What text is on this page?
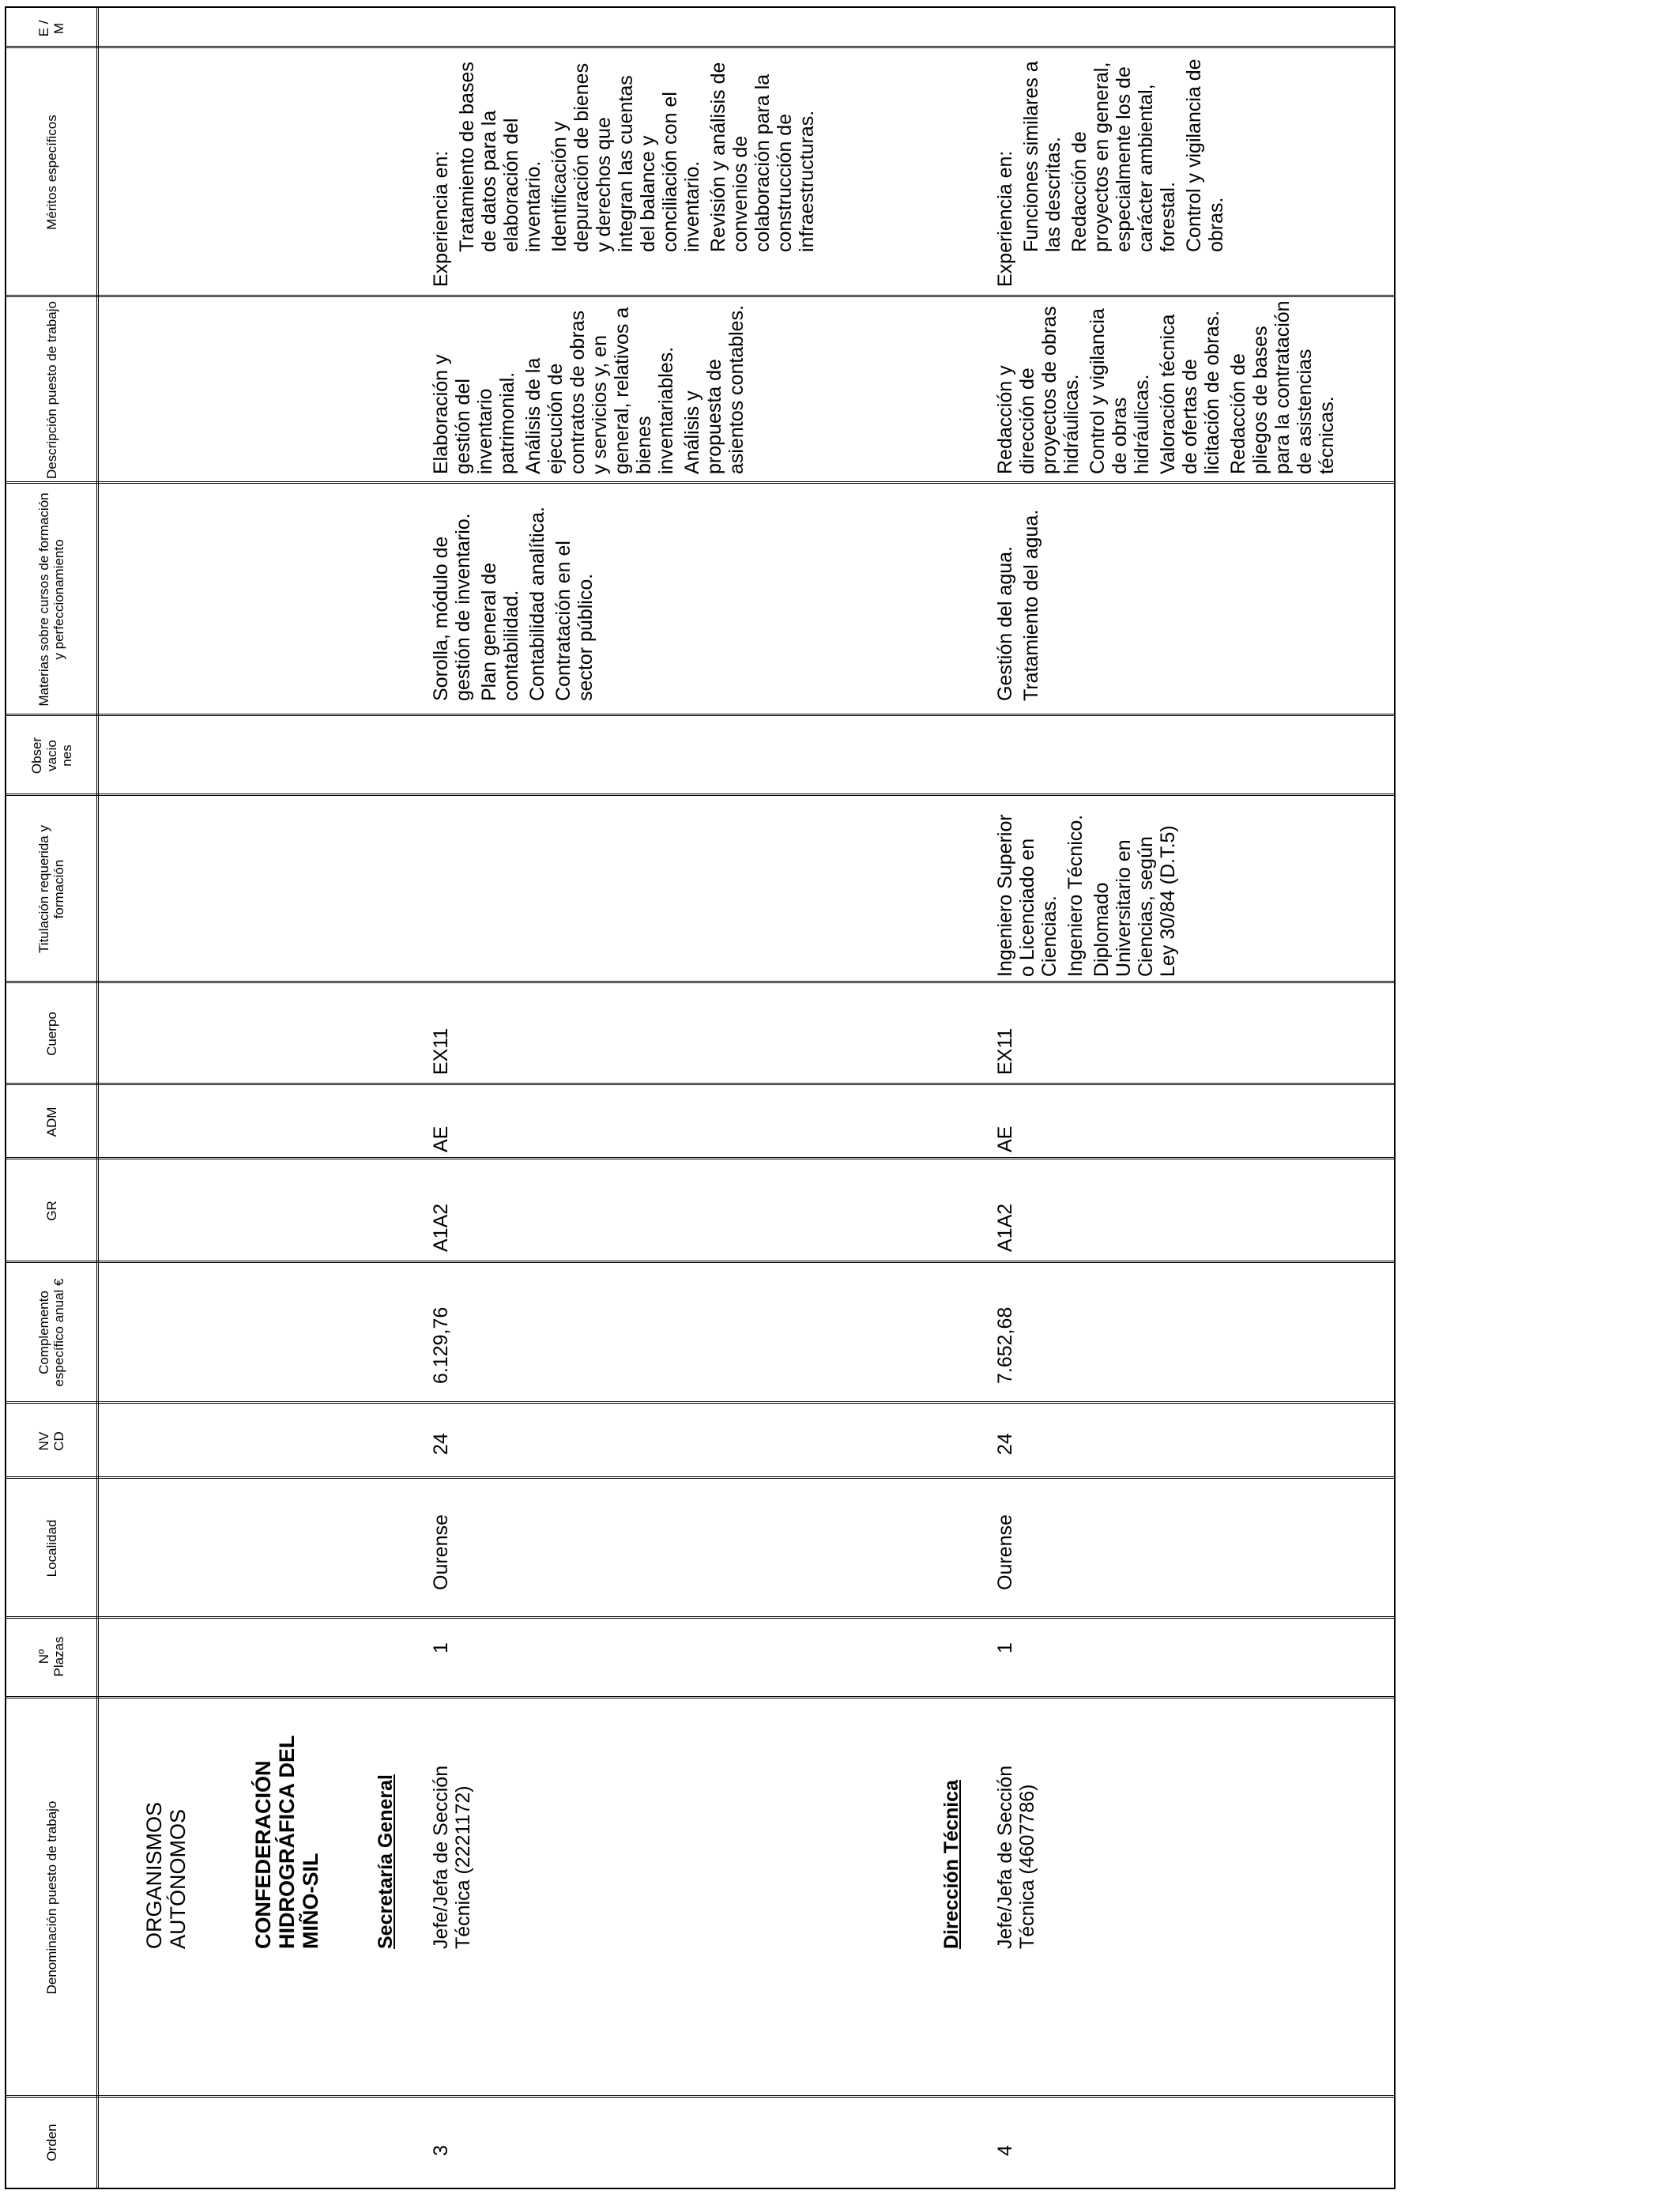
Orden
Denominación puesto de trabajo
Nº Plazas
Localidad
NV CD
Complemento específico anual €
GR
ADM
Cuerpo
Titulación requerida y formación
Obser vacio nes
Materias sobre cursos de formación y perfeccionamiento
Descripción puesto de trabajo
Méritos específicos
E / M
ORGANISMOS AUTÓNOMOS	CONFEDERACIÓN HIDROGRÁFICA DEL MIÑO-SIL	Secretaría General
3
Jefe/Jefa de Sección Técnica (2221172)
1
Ourense
24
6.129,76
A1A2
AE
EX11

Sorolla, módulo de gestión de inventario. Plan general de contabilidad. Contabilidad analítica. Contratación en el sector público.

Elaboración y gestión del inventario patrimonial. Análisis de la ejecución de contratos de obras y servicios y, en general, relativos a bienes inventariables. Análisis y propuesta de asientos contables.

Experiencia en: Tratamiento de bases de datos para la elaboración del inventario. Identificación y depuración de bienes y derechos que integran las cuentas del balance y conciliación con el inventario. Revisión y análisis de convenios de colaboración para la construcción de infraestructuras.

Dirección Técnica
4
Jefe/Jefa de Sección Técnica (4607786)
1
Ourense
24
7.652,68
A1A2
AE
EX11

Ingeniero Superior o Licenciado en Ciencias. Ingeniero Técnico. Diplomado Universitario en Ciencias, según Ley 30/84 (D.T.5)

Gestión del agua. Tratamiento del agua.

Redacción y dirección de proyectos de obras hidráulicas. Control y vigilancia de obras hidráulicas. Valoración técnica de ofertas de licitación de obras. Redacción de pliegos de bases para la contratación de asistencias técnicas.

Experiencia en: Funciones similares a las descritas. Redacción de proyectos en general, especialmente los de carácter ambiental, forestal. Control y vigilancia de obras.
